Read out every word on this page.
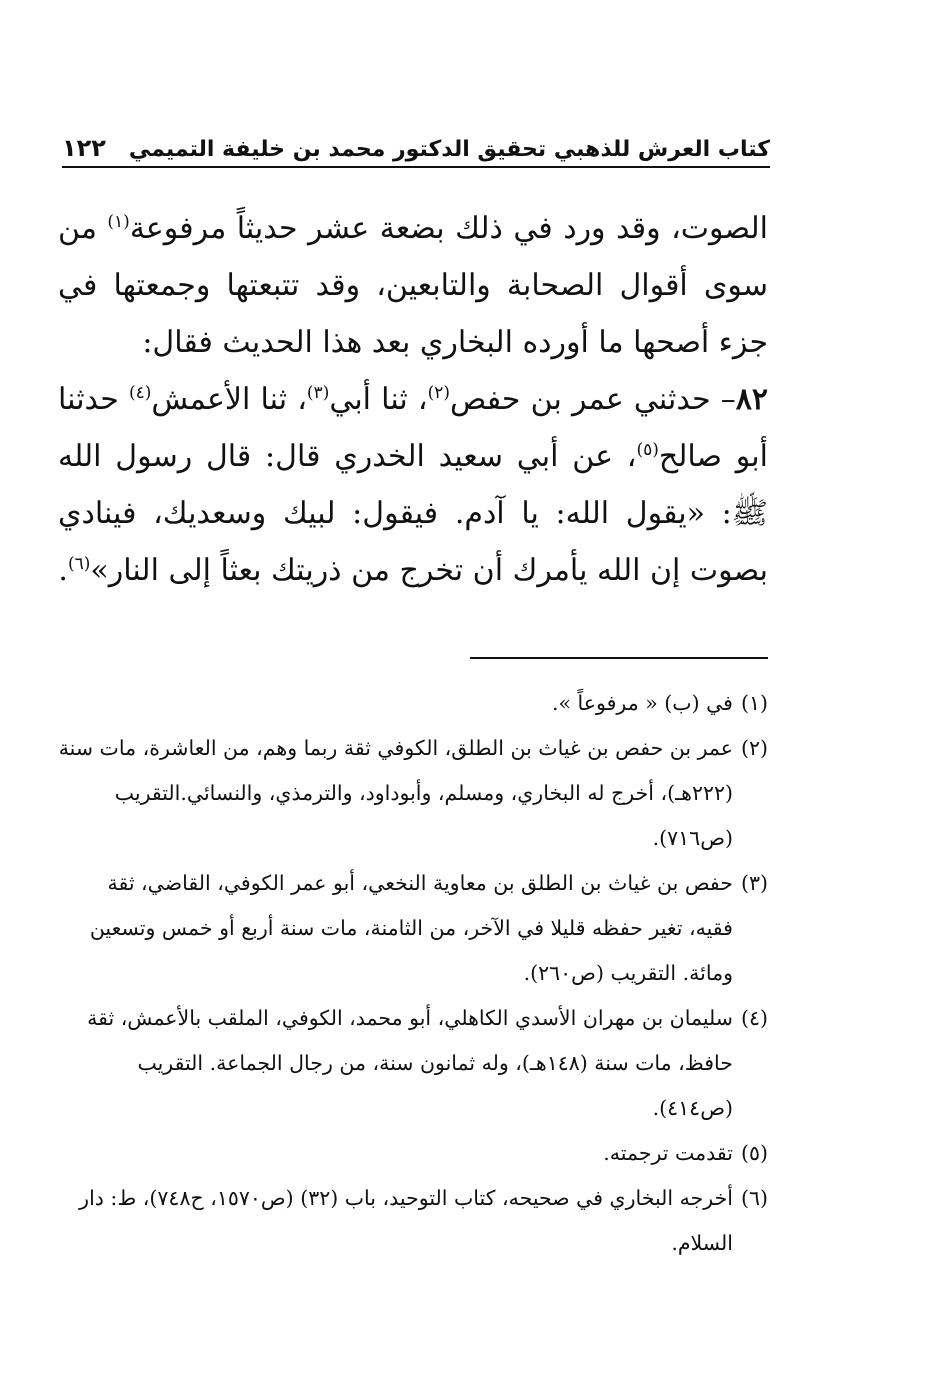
كتاب العرش للذهبي تحقيق الدكتور محمد بن خليفة التميمي
١٢٢

الصوت، وقد ورد في ذلك بضعة عشر حديثاً مرفوعة$^{(١)}$ من سوى أقوال الصحابة والتابعين، وقد تتبعتها وجمعتها في جزء أصحها ما أورده البخاري بعد هذا الحديث فقال:

٨٢– حدثني عمر بن حفص$^{(٢)}$، ثنا أبي$^{(٣)}$، ثنا الأعمش$^{(٤)}$ حدثنا أبو صالح$^{(٥)}$، عن أبي سعيد الخدري قال: قال رسول الله ﷺ: «يقول الله: يا آدم. فيقول: لبيك وسعديك، فينادي بصوت إن الله يأمرك أن تخرج من ذريتك بعثاً إلى النار»$^{(٦)}$.

(١)
في (ب) « مرفوعاً ».
(٢)
عمر بن حفص بن غياث بن الطلق، الكوفي ثقة ربما وهم، من العاشرة، مات سنة (٢٢٢هـ)، أخرج له البخاري، ومسلم، وأبوداود، والترمذي، والنسائي.التقريب (ص٧١٦).
(٣)
حفص بن غياث بن الطلق بن معاوية النخعي، أبو عمر الكوفي، القاضي، ثقة فقيه، تغير حفظه قليلا في الآخر، من الثامنة، مات سنة أربع أو خمس وتسعين ومائة. التقريب (ص٢٦٠).
(٤)
سليمان بن مهران الأسدي الكاهلي، أبو محمد، الكوفي، الملقب بالأعمش، ثقة حافظ، مات سنة (١٤٨هـ)، وله ثمانون سنة، من رجال الجماعة. التقريب (ص٤١٤).
(٥)
تقدمت ترجمته.
(٦)
أخرجه البخاري في صحيحه، كتاب التوحيد، باب (٣٢) (ص١٥٧٠، ح٧٤٨)، ط: دار السلام.
